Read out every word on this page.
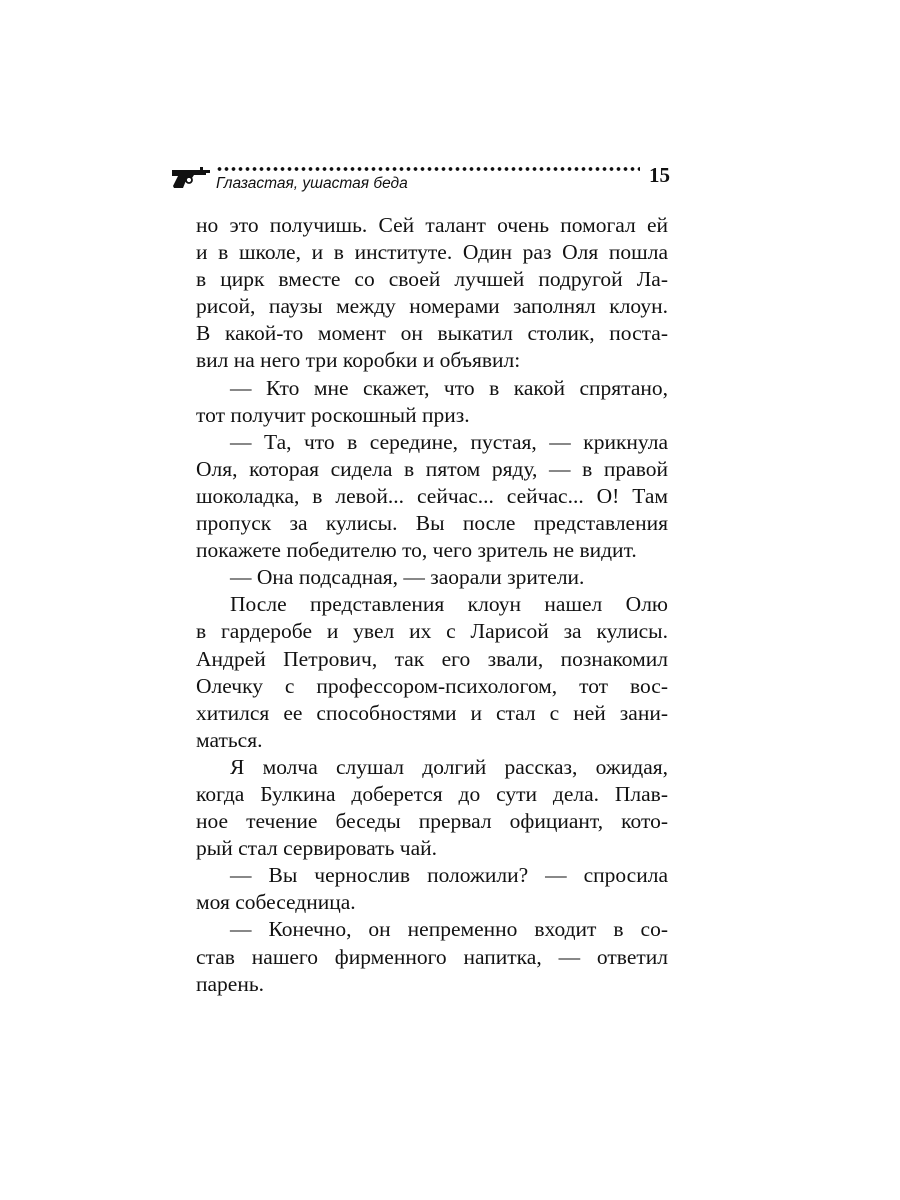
Глазастая, ушастая беда	15
но это получишь. Сей талант очень помогал ей
и в школе, и в институте. Один раз Оля пошла
в цирк вместе со своей лучшей подругой Ла-
рисой, паузы между номерами заполнял клоун.
В какой-то момент он выкатил столик, поста-
вил на него три коробки и объявил:
— Кто мне скажет, что в какой спрятано,
тот получит роскошный приз.
— Та, что в середине, пустая, — крикнула
Оля, которая сидела в пятом ряду, — в правой
шоколадка, в левой... сейчас... сейчас... О! Там
пропуск за кулисы. Вы после представления
покажете победителю то, чего зритель не видит.
— Она подсадная, — заорали зрители.
После представления клоун нашел Олю
в гардеробе и увел их с Ларисой за кулисы.
Андрей Петрович, так его звали, познакомил
Олечку с профессором-психологом, тот вос-
хитился ее способностями и стал с ней зани-
маться.
Я молча слушал долгий рассказ, ожидая,
когда Булкина доберется до сути дела. Плав-
ное течение беседы прервал официант, кото-
рый стал сервировать чай.
— Вы чернослив положили? — спросила
моя собеседница.
— Конечно, он непременно входит в со-
став нашего фирменного напитка, — ответил
парень.
